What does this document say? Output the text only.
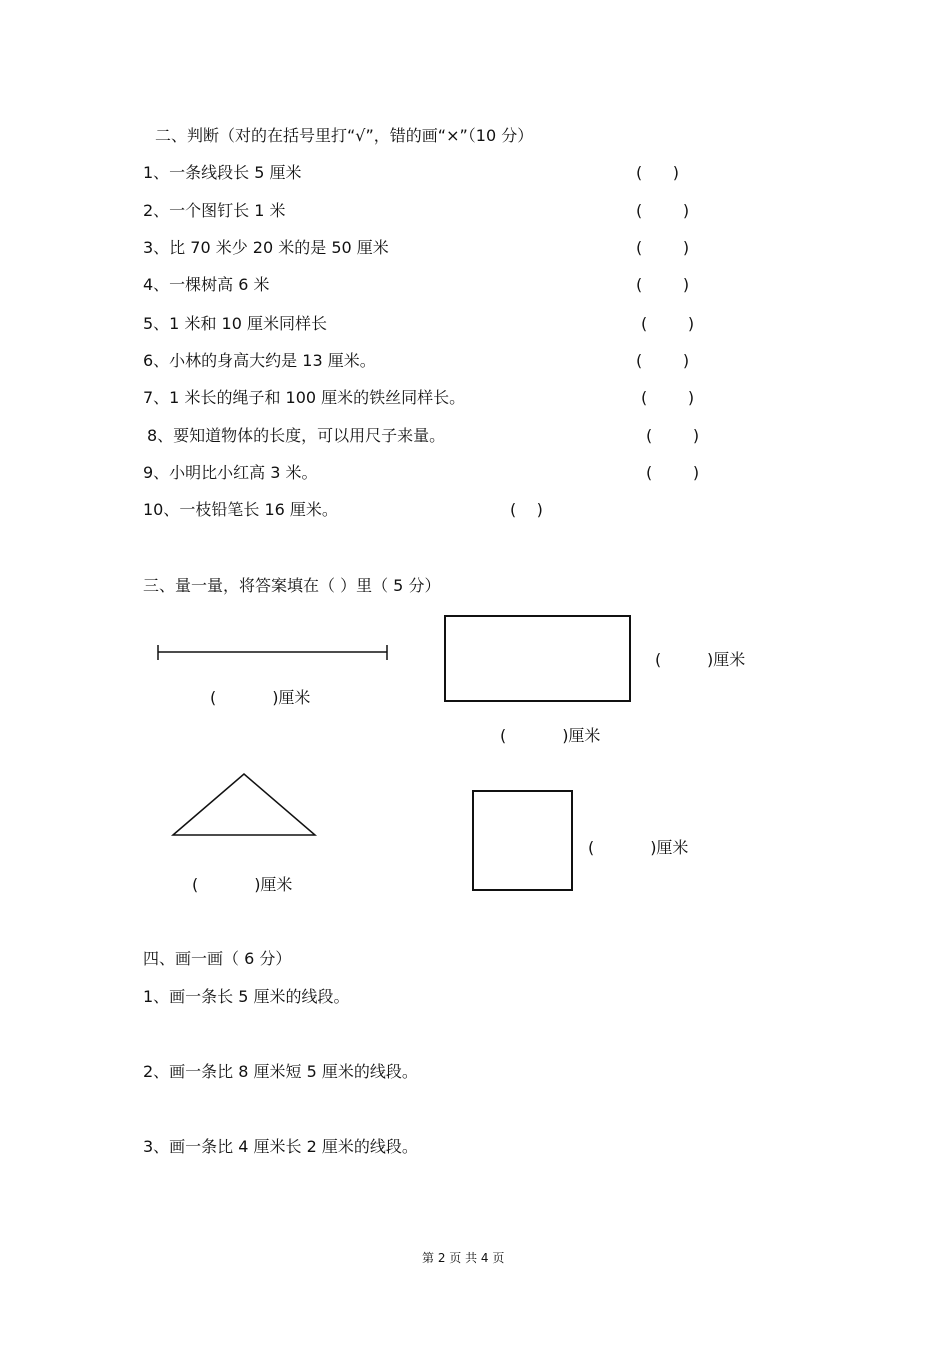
二、判断（对的在括号里打“√”，错的画“×”（10 分）
1、一条线段长 5 厘米	(      )
2、一个图钉长 1 米	(        )
3、比 70 米少 20 米的是 50 厘米	(        )
4、一棵树高 6 米	(        )
5、1 米和 10 厘米同样长	(        )
6、小林的身高大约是 13 厘米。	(        )
7、1 米长的绳子和 100 厘米的铁丝同样长。	(        )
8、要知道物体的长度，可以用尺子来量。	(        )
9、小明比小红高 3 米。	(        )
10、一枝铅笔长 16 厘米。	(    )
三、量一量，将答案填在（ ）里（ 5 分）
(           )厘米
(         )厘米
(           )厘米
(           )厘米
(           )厘米
四、画一画（ 6 分）
1、画一条长 5 厘米的线段。
2、画一条比 8 厘米短 5 厘米的线段。
3、画一条比 4 厘米长 2 厘米的线段。
第 2 页 共 4 页
